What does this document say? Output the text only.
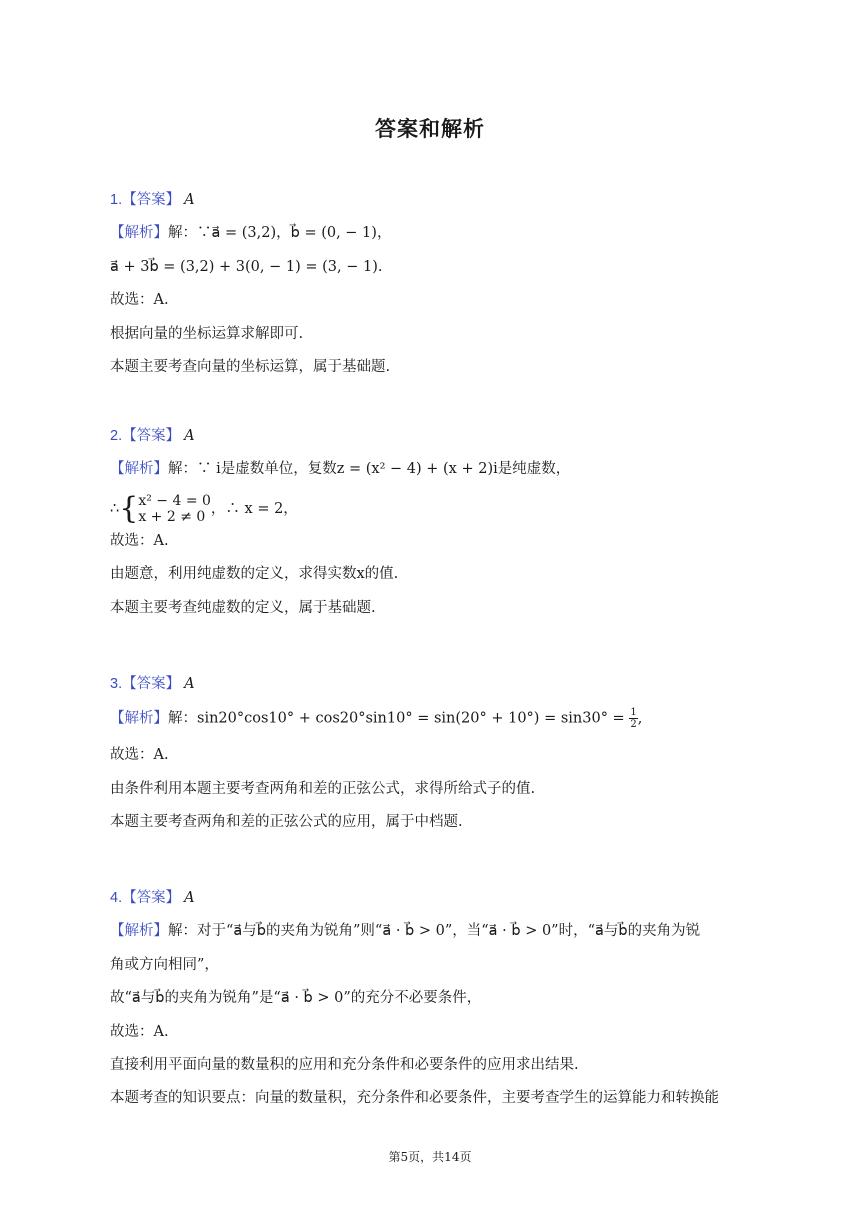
答案和解析
1.【答案】 A
【解析】解：∵a⃗ = (3,2)，b⃗ = (0, − 1)，
a⃗ + 3b⃗ = (3,2) + 3(0, − 1) = (3, − 1).
故选：A.
根据向量的坐标运算求解即可.
本题主要考查向量的坐标运算，属于基础题.
2.【答案】 A
【解析】解：∵ i是虚数单位，复数z = (x² − 4) + (x + 2)i是纯虚数，
∴{ x² − 4 = 0
x + 2 ≠ 0 ，∴ x = 2，
故选：A.
由题意，利用纯虚数的定义，求得实数x的值.
本题主要考查纯虚数的定义，属于基础题.
3.【答案】 A
【解析】解：$\sin 20^\circ\cos 10^\circ + \cos 20^\circ\sin 10^\circ = \sin(20^\circ + 10^\circ) = \sin 30^\circ = \frac{1}{2}$ ,
故选：A.
由条件利用本题主要考查两角和差的正弦公式，求得所给式子的值.
本题主要考查两角和差的正弦公式的应用，属于中档题.
4.【答案】 A
【解析】解：对于“a⃗与b⃗的夹角为锐角”则“a⃗ · b⃗ > 0”，当“a⃗ · b⃗ > 0”时，“a⃗与b⃗的夹角为锐
角或方向相同”，
故“a⃗与b⃗的夹角为锐角”是“a⃗ · b⃗ > 0”的充分不必要条件，
故选：A.
直接利用平面向量的数量积的应用和充分条件和必要条件的应用求出结果.
本题考查的知识要点：向量的数量积，充分条件和必要条件，主要考查学生的运算能力和转换能
第5页，共14页
